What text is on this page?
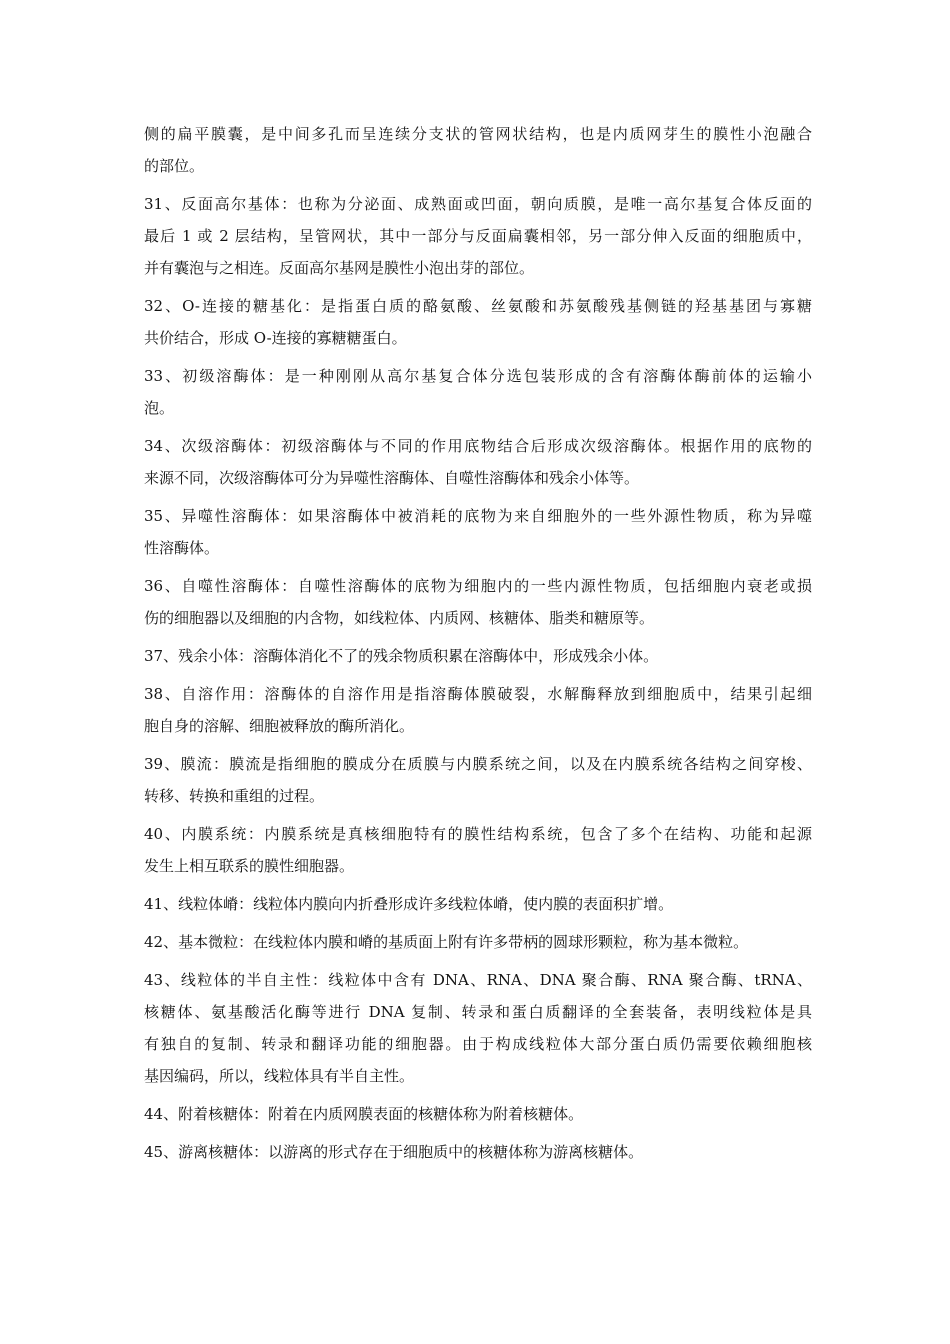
侧的扁平膜囊，是中间多孔而呈连续分支状的管网状结构，也是内质网芽生的膜性小泡融合
的部位。
31、反面高尔基体：也称为分泌面、成熟面或凹面，朝向质膜，是唯一高尔基复合体反面的
最后 1 或 2 层结构，呈管网状，其中一部分与反面扁囊相邻，另一部分伸入反面的细胞质中，
并有囊泡与之相连。反面高尔基网是膜性小泡出芽的部位。
32、O-连接的糖基化：是指蛋白质的酪氨酸、丝氨酸和苏氨酸残基侧链的羟基基团与寡糖
共价结合，形成 O-连接的寡糖糖蛋白。
33、初级溶酶体：是一种刚刚从高尔基复合体分选包装形成的含有溶酶体酶前体的运输小
泡。
34、次级溶酶体：初级溶酶体与不同的作用底物结合后形成次级溶酶体。根据作用的底物的
来源不同，次级溶酶体可分为异噬性溶酶体、自噬性溶酶体和残余小体等。
35、异噬性溶酶体：如果溶酶体中被消耗的底物为来自细胞外的一些外源性物质，称为异噬
性溶酶体。
36、自噬性溶酶体：自噬性溶酶体的底物为细胞内的一些内源性物质，包括细胞内衰老或损
伤的细胞器以及细胞的内含物，如线粒体、内质网、核糖体、脂类和糖原等。
37、残余小体：溶酶体消化不了的残余物质积累在溶酶体中，形成残余小体。
38、自溶作用：溶酶体的自溶作用是指溶酶体膜破裂，水解酶释放到细胞质中，结果引起细
胞自身的溶解、细胞被释放的酶所消化。
39、膜流：膜流是指细胞的膜成分在质膜与内膜系统之间，以及在内膜系统各结构之间穿梭、
转移、转换和重组的过程。
40、内膜系统：内膜系统是真核细胞特有的膜性结构系统，包含了多个在结构、功能和起源
发生上相互联系的膜性细胞器。
41、线粒体嵴：线粒体内膜向内折叠形成许多线粒体嵴，使内膜的表面积扩增。
42、基本微粒：在线粒体内膜和嵴的基质面上附有许多带柄的圆球形颗粒，称为基本微粒。
43、线粒体的半自主性：线粒体中含有 DNA、RNA、DNA 聚合酶、RNA 聚合酶、tRNA、
核糖体、氨基酸活化酶等进行 DNA 复制、转录和蛋白质翻译的全套装备，表明线粒体是具
有独自的复制、转录和翻译功能的细胞器。由于构成线粒体大部分蛋白质仍需要依赖细胞核
基因编码，所以，线粒体具有半自主性。
44、附着核糖体：附着在内质网膜表面的核糖体称为附着核糖体。
45、游离核糖体：以游离的形式存在于细胞质中的核糖体称为游离核糖体。
